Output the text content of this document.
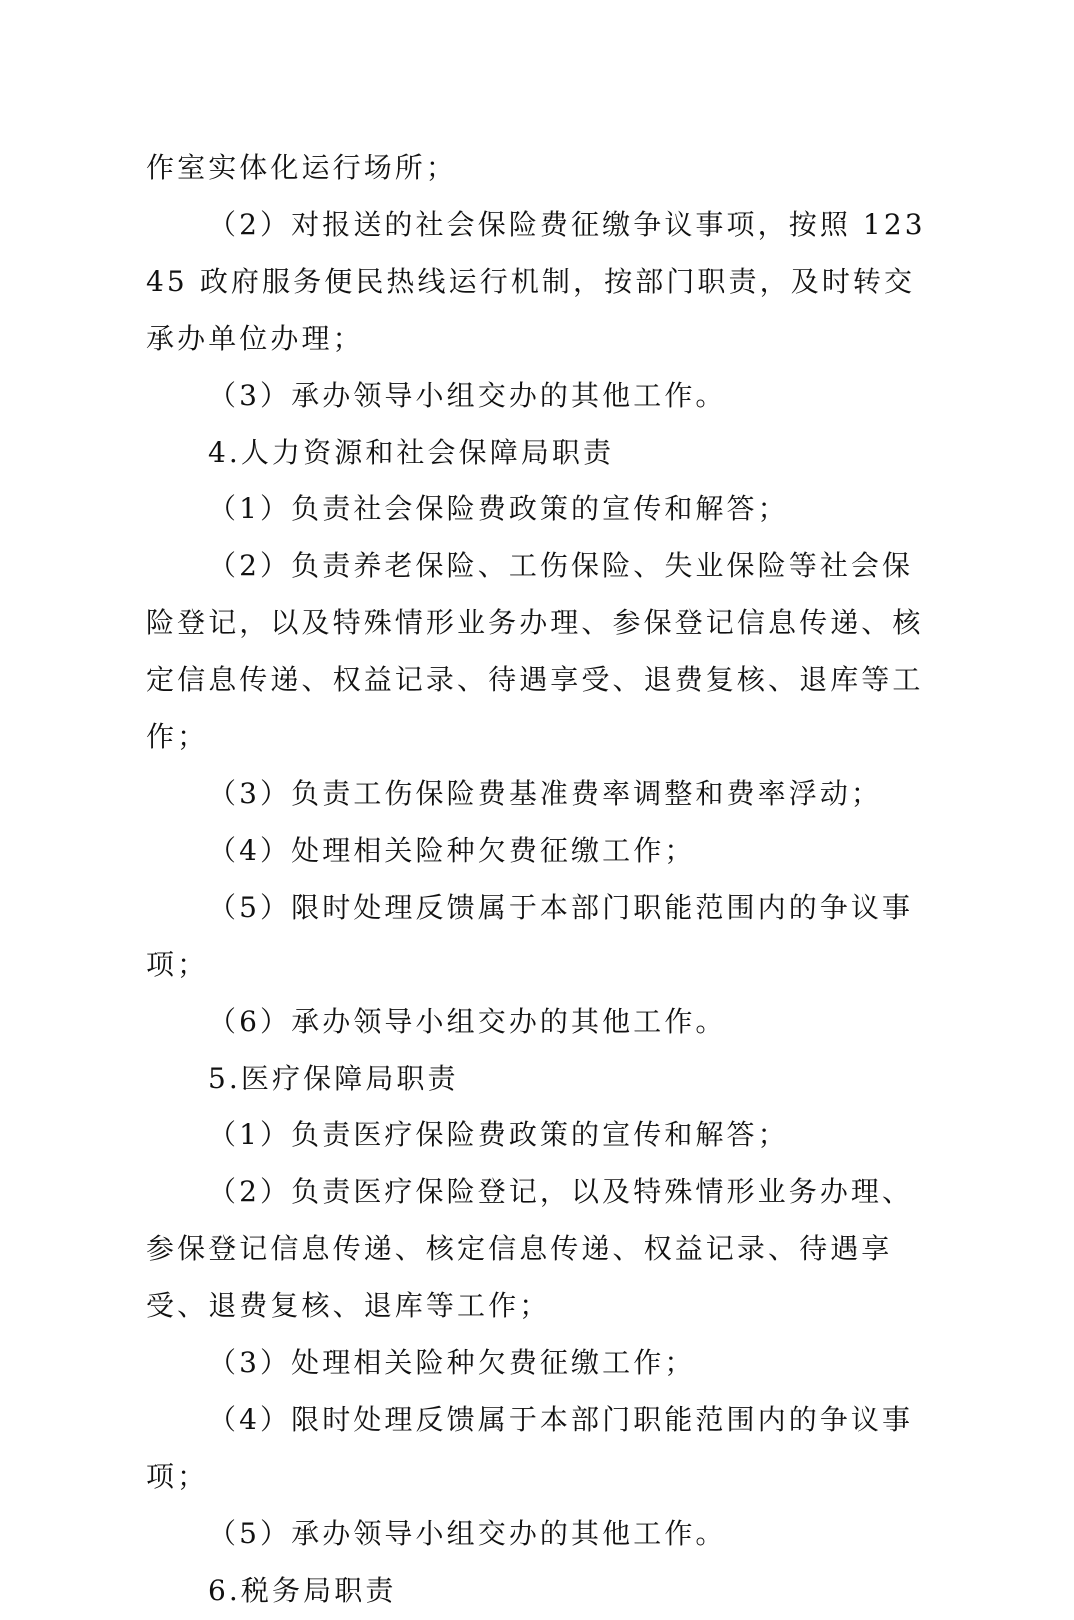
作室实体化运行场所；

（2）对报送的社会保险费征缴争议事项，按照 12345 政府服务便民热线运行机制，按部门职责，及时转交承办单位办理；

（3）承办领导小组交办的其他工作。

4.人力资源和社会保障局职责

（1）负责社会保险费政策的宣传和解答；

（2）负责养老保险、工伤保险、失业保险等社会保险登记，以及特殊情形业务办理、参保登记信息传递、核定信息传递、权益记录、待遇享受、退费复核、退库等工作；

（3）负责工伤保险费基准费率调整和费率浮动；

（4）处理相关险种欠费征缴工作；

（5）限时处理反馈属于本部门职能范围内的争议事项；

（6）承办领导小组交办的其他工作。

5.医疗保障局职责

（1）负责医疗保险费政策的宣传和解答；

（2）负责医疗保险登记，以及特殊情形业务办理、参保登记信息传递、核定信息传递、权益记录、待遇享受、退费复核、退库等工作；

（3）处理相关险种欠费征缴工作；

（4）限时处理反馈属于本部门职能范围内的争议事项；

（5）承办领导小组交办的其他工作。

6.税务局职责
